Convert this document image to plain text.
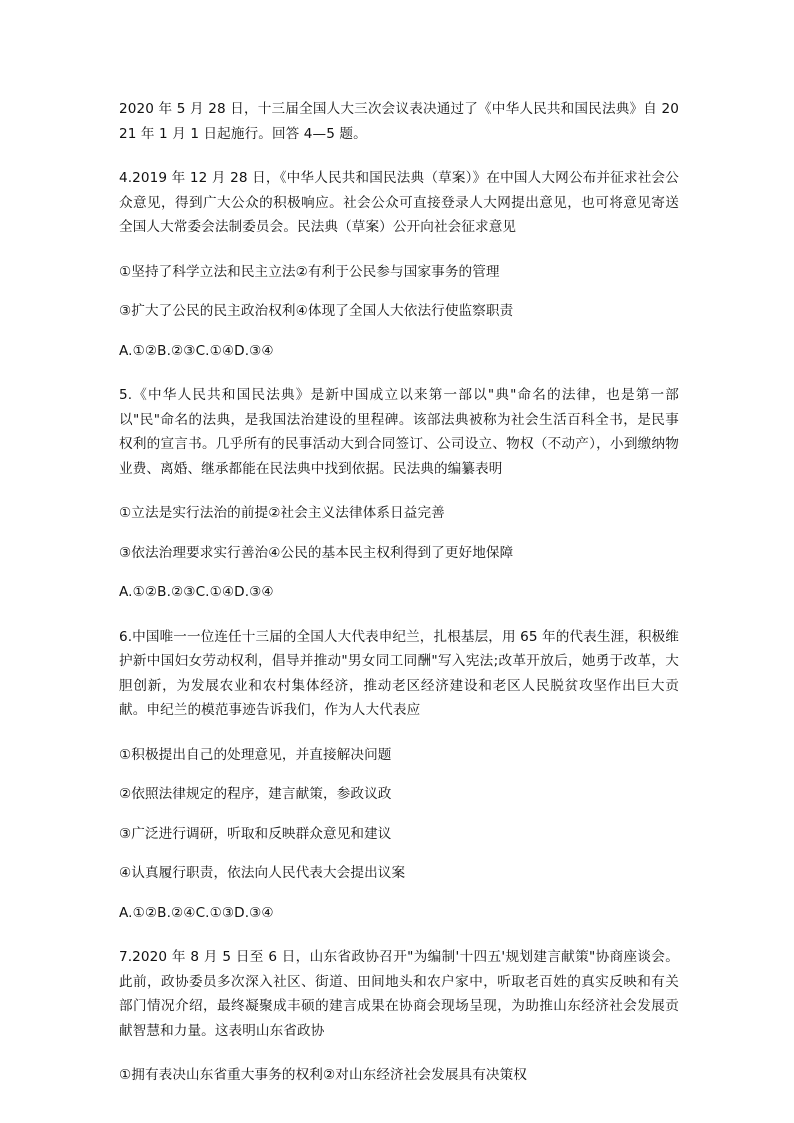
2020 年 5 月 28 日，十三届全国人大三次会议表决通过了《中华人民共和国民法典》自 2021 年 1 月 1 日起施行。回答 4—5 题。

4.2019 年 12 月 28 日，《中华人民共和国民法典（草案）》在中国人大网公布并征求社会公众意见，得到广大公众的积极响应。社会公众可直接登录人大网提出意见，也可将意见寄送全国人大常委会法制委员会。民法典（草案）公开向社会征求意见

①坚持了科学立法和民主立法②有利于公民参与国家事务的管理

③扩大了公民的民主政治权利④体现了全国人大依法行使监察职责

A.①②B.②③C.①④D.③④

5.《中华人民共和国民法典》是新中国成立以来第一部以"典"命名的法律，也是第一部以"民"命名的法典，是我国法治建设的里程碑。该部法典被称为社会生活百科全书，是民事权利的宣言书。几乎所有的民事活动大到合同签订、公司设立、物权（不动产），小到缴纳物业费、离婚、继承都能在民法典中找到依据。民法典的编纂表明

①立法是实行法治的前提②社会主义法律体系日益完善

③依法治理要求实行善治④公民的基本民主权利得到了更好地保障

A.①②B.②③C.①④D.③④

6.中国唯一一位连任十三届的全国人大代表申纪兰，扎根基层，用 65 年的代表生涯，积极维护新中国妇女劳动权利，倡导并推动"男女同工同酬"写入宪法;改革开放后，她勇于改革，大胆创新，为发展农业和农村集体经济，推动老区经济建设和老区人民脱贫攻坚作出巨大贡献。申纪兰的模范事迹告诉我们，作为人大代表应

①积极提出自己的处理意见，并直接解决问题

②依照法律规定的程序，建言献策，参政议政

③广泛进行调研，听取和反映群众意见和建议

④认真履行职责，依法向人民代表大会提出议案

A.①②B.②④C.①③D.③④

7.2020 年 8 月 5 日至 6 日，山东省政协召开"为编制'十四五'规划建言献策"协商座谈会。此前，政协委员多次深入社区、街道、田间地头和农户家中，听取老百姓的真实反映和有关部门情况介绍，最终凝聚成丰硕的建言成果在协商会现场呈现，为助推山东经济社会发展贡献智慧和力量。这表明山东省政协

①拥有表决山东省重大事务的权利②对山东经济社会发展具有决策权
